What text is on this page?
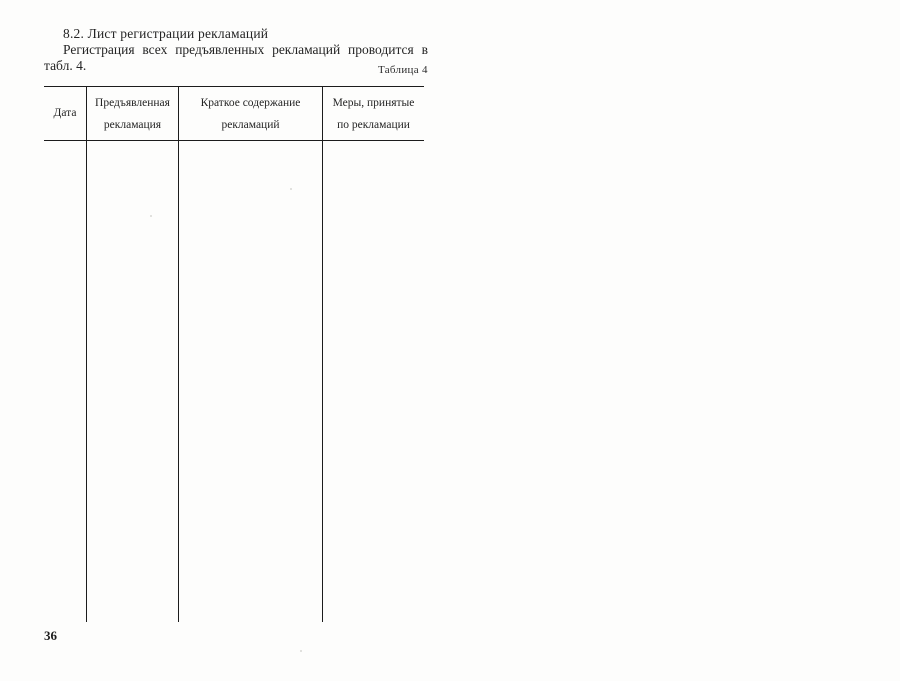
8.2. Лист регистрации рекламаций
Регистрация всех предъявленных рекламаций проводится в
табл. 4.	Таблица 4
Дата
Предъявленная
рекламация
Краткое содержание
рекламаций
Меры, принятые
по рекламации
36
